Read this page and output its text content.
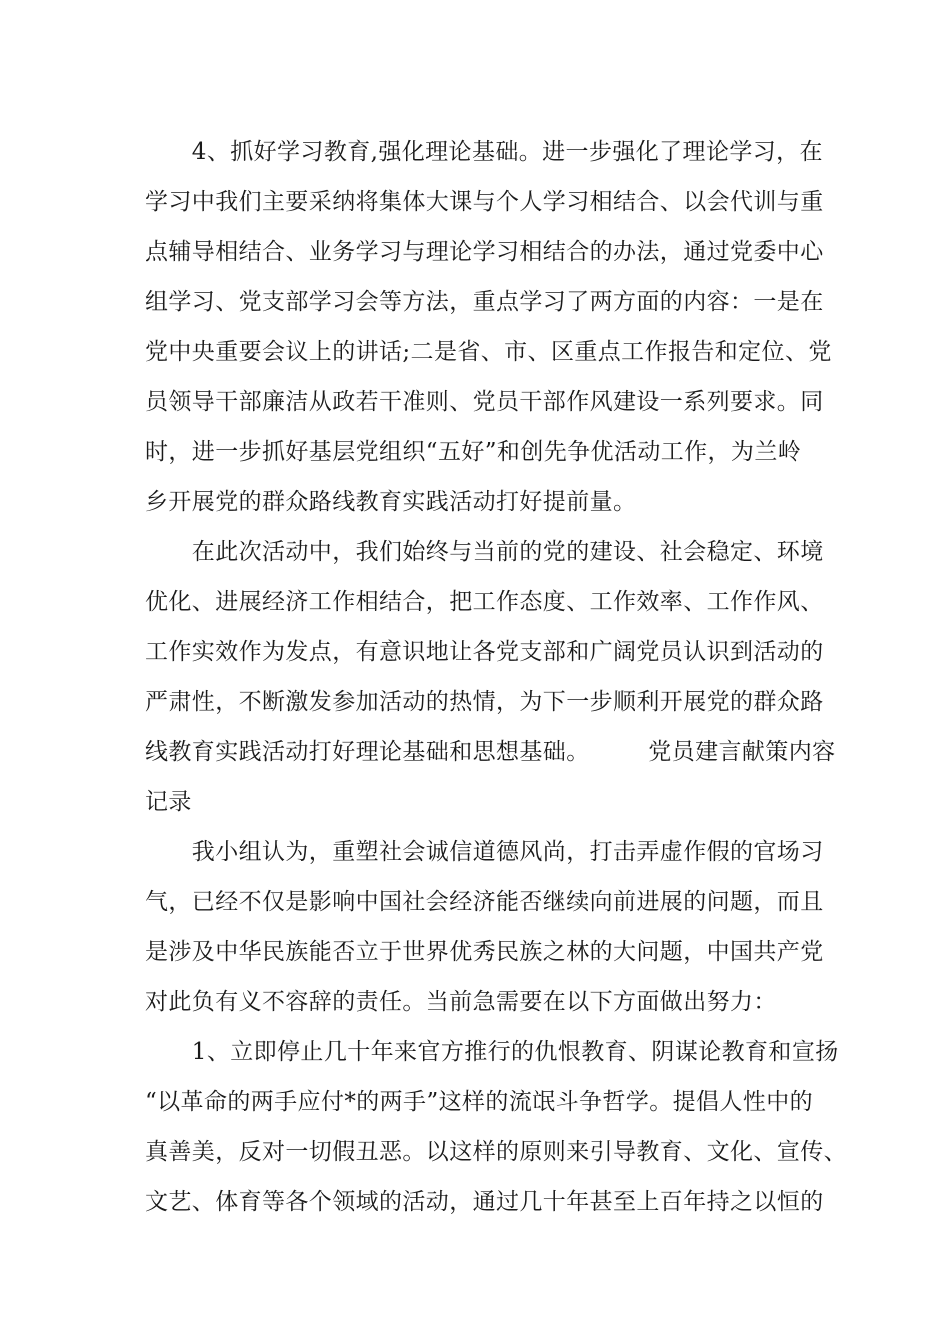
　　4、抓好学习教育,强化理论基础。进一步强化了理论学习，在
学习中我们主要采纳将集体大课与个人学习相结合、以会代训与重
点辅导相结合、业务学习与理论学习相结合的办法，通过党委中心
组学习、党支部学习会等方法，重点学习了两方面的内容：一是在
党中央重要会议上的讲话;二是省、市、区重点工作报告和定位、党
员领导干部廉洁从政若干准则、党员干部作风建设一系列要求。同
时，进一步抓好基层党组织“五好”和创先争优活动工作，为兰岭
乡开展党的群众路线教育实践活动打好提前量。
　　在此次活动中，我们始终与当前的党的建设、社会稳定、环境
优化、进展经济工作相结合，把工作态度、工作效率、工作作风、
工作实效作为发点，有意识地让各党支部和广阔党员认识到活动的
严肃性，不断激发参加活动的热情，为下一步顺利开展党的群众路
线教育实践活动打好理论基础和思想基础。　　　党员建言献策内容
记录
　　我小组认为，重塑社会诚信道德风尚，打击弄虚作假的官场习
气，已经不仅是影响中国社会经济能否继续向前进展的问题，而且
是涉及中华民族能否立于世界优秀民族之林的大问题，中国共产党
对此负有义不容辞的责任。当前急需要在以下方面做出努力：
　　1、立即停止几十年来官方推行的仇恨教育、阴谋论教育和宣扬
“以革命的两手应付*的两手”这样的流氓斗争哲学。提倡人性中的
真善美，反对一切假丑恶。以这样的原则来引导教育、文化、宣传、
文艺、体育等各个领域的活动，通过几十年甚至上百年持之以恒的
